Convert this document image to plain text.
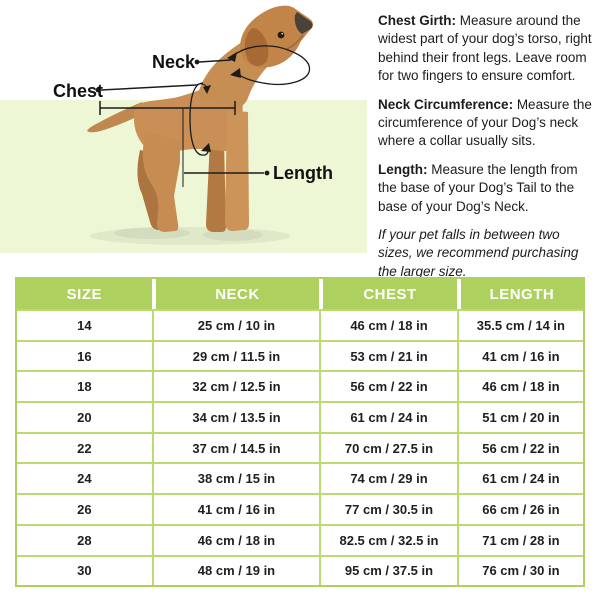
Neck
Chest
Length

Chest Girth: Measure around the widest part of your dog’s torso, right behind their front legs. Leave room for two fingers to ensure comfort.

Neck Circumference: Measure the circumference of your Dog’s neck where a collar usually sits.

Length: Measure the length from the base of your Dog’s Tail to the base of your Dog’s Neck.

If your pet falls in between two sizes, we recommend purchasing the larger size.

SIZE	NECK	CHEST	LENGTH
14	25 cm / 10 in	46 cm / 18 in	35.5 cm / 14 in
16	29 cm / 11.5 in	53 cm / 21 in	41 cm / 16 in
18	32 cm / 12.5 in	56 cm / 22 in	46 cm / 18 in
20	34 cm / 13.5 in	61 cm / 24 in	51 cm / 20 in
22	37 cm / 14.5 in	70 cm / 27.5 in	56 cm / 22 in
24	38 cm / 15 in	74 cm / 29 in	61 cm / 24 in
26	41 cm / 16 in	77 cm / 30.5 in	66 cm / 26 in
28	46 cm / 18 in	82.5 cm / 32.5 in	71 cm / 28 in
30	48 cm / 19 in	95 cm / 37.5 in	76 cm / 30 in
